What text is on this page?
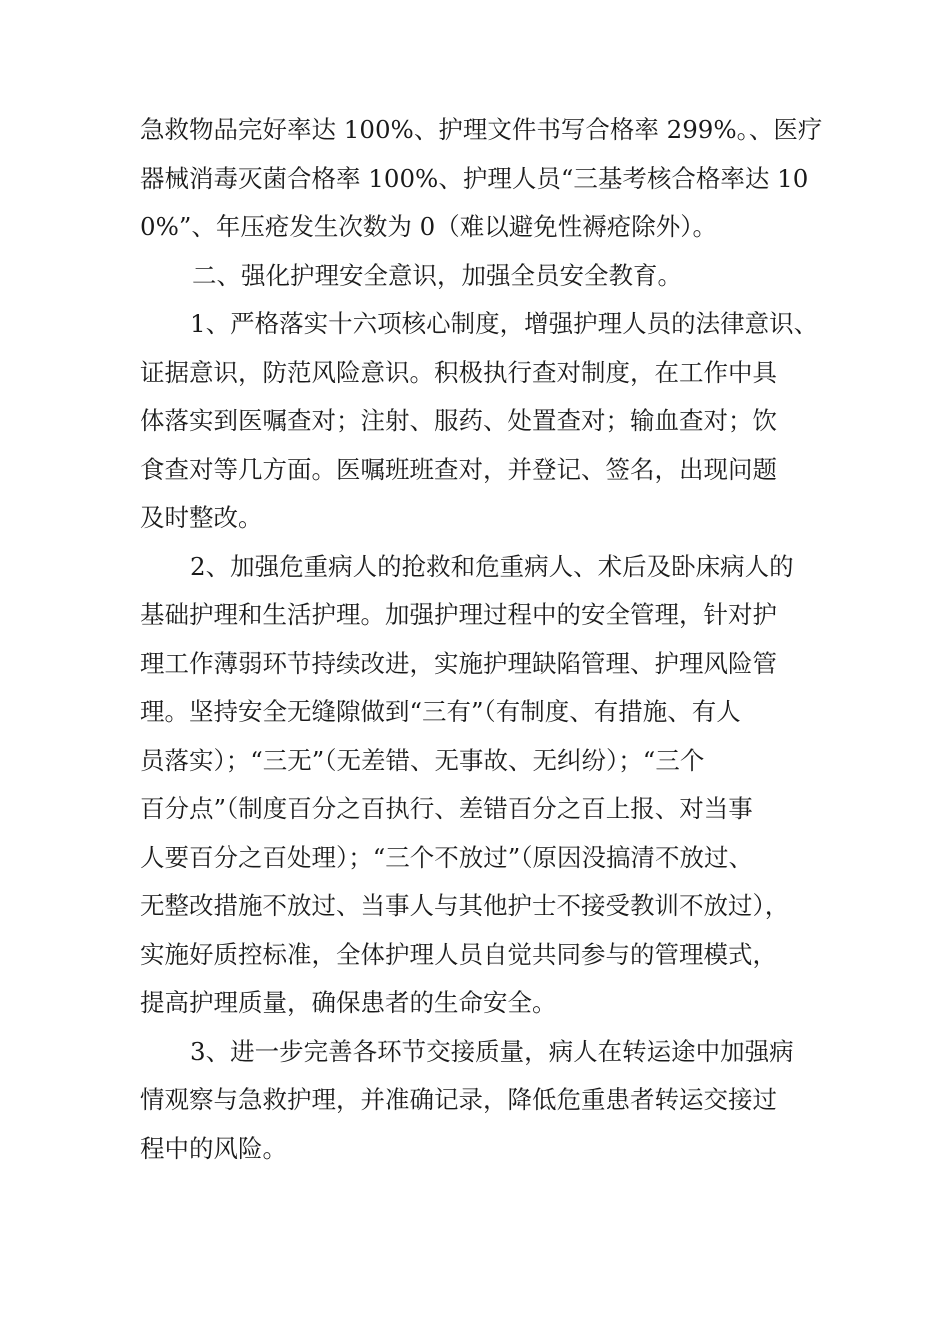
急救物品完好率达 100%、护理文件书写合格率 299%。、医疗
器械消毒灭菌合格率 100%、护理人员“三基考核合格率达 10
0%”、年压疮发生次数为 0（难以避免性褥疮除外）。
二、强化护理安全意识，加强全员安全教育。
1、严格落实十六项核心制度，增强护理人员的法律意识、
证据意识，防范风险意识。积极执行查对制度，在工作中具
体落实到医嘱查对；注射、服药、处置查对；输血查对；饮
食查对等几方面。医嘱班班查对，并登记、签名，出现问题
及时整改。
2、加强危重病人的抢救和危重病人、术后及卧床病人的
基础护理和生活护理。加强护理过程中的安全管理，针对护
理工作薄弱环节持续改进，实施护理缺陷管理、护理风险管
理。坚持安全无缝隙做到“三有”（有制度、有措施、有人
员落实）；“三无”（无差错、无事故、无纠纷）；“三个
百分点”（制度百分之百执行、差错百分之百上报、对当事
人要百分之百处理）；“三个不放过”（原因没搞清不放过、
无整改措施不放过、当事人与其他护士不接受教训不放过），
实施好质控标准，全体护理人员自觉共同参与的管理模式，
提高护理质量，确保患者的生命安全。
3、进一步完善各环节交接质量，病人在转运途中加强病
情观察与急救护理，并准确记录，降低危重患者转运交接过
程中的风险。
